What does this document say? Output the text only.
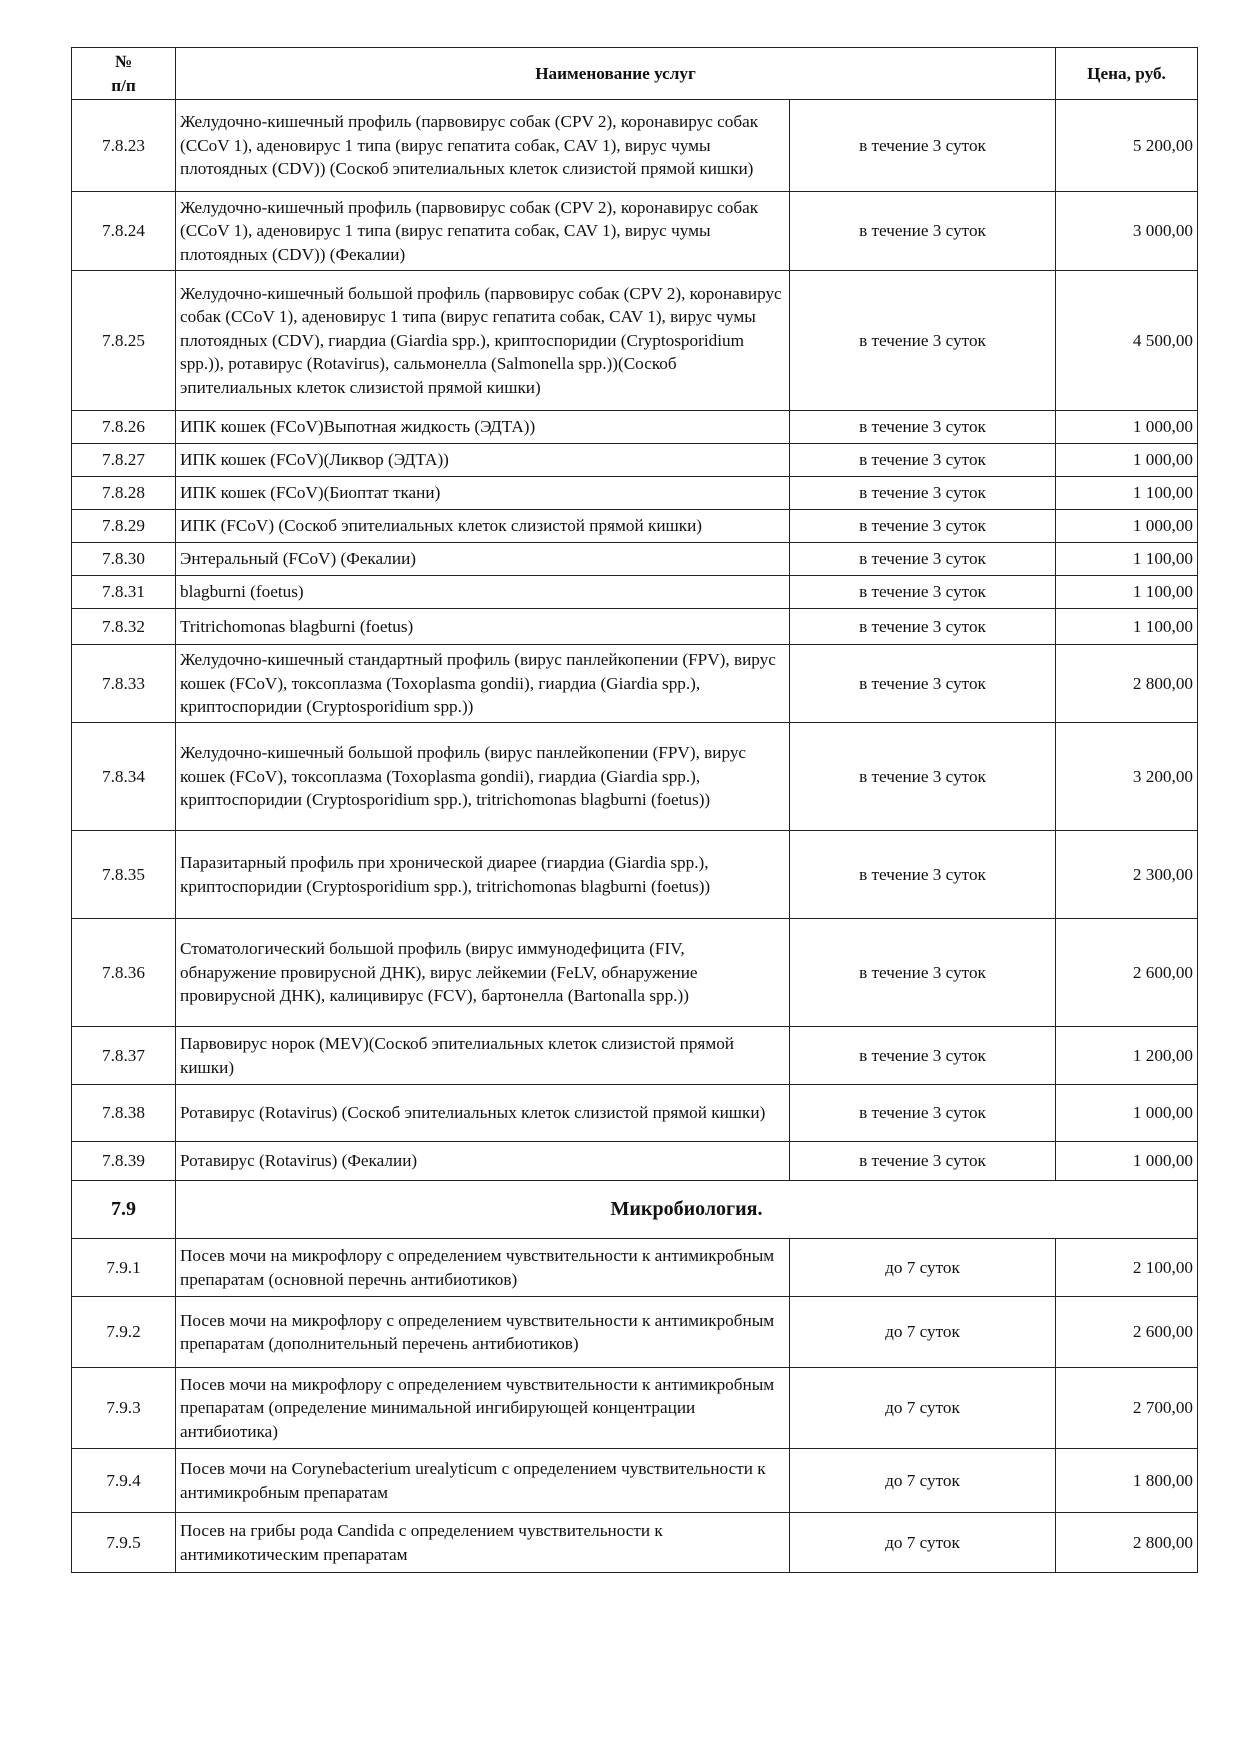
№
п/п	Наименование услуг		Цена, руб.
7.8.23	Желудочно-кишечный профиль (парвовирус собак (CPV 2), коронавирус собак (CCoV 1), аденовирус 1 типа (вирус гепатита собак, CAV 1), вирус чумы плотоядных (CDV)) (Соскоб эпителиальных клеток слизистой прямой кишки)	в течение 3 суток	5 200,00
7.8.24	Желудочно-кишечный профиль (парвовирус собак (CPV 2), коронавирус собак (CCoV 1), аденовирус 1 типа (вирус гепатита собак, CAV 1), вирус чумы плотоядных (CDV)) (Фекалии)	в течение 3 суток	3 000,00
7.8.25	Желудочно-кишечный большой профиль (парвовирус собак (CPV 2), коронавирус собак (CCoV 1), аденовирус 1 типа (вирус гепатита собак, CAV 1), вирус чумы плотоядных (CDV), гиардиа (Giardia spp.), криптоспоридии (Cryptosporidium spp.)), ротавирус (Rotavirus), сальмонелла (Salmonella spp.))(Соскоб эпителиальных клеток слизистой прямой кишки)	в течение 3 суток	4 500,00
7.8.26	ИПК кошек (FCoV)Выпотная жидкость (ЭДТА))	в течение 3 суток	1 000,00
7.8.27	ИПК кошек (FCoV)(Ликвор (ЭДТА))	в течение 3 суток	1 000,00
7.8.28	ИПК кошек (FCoV)(Биоптат ткани)	в течение 3 суток	1 100,00
7.8.29	ИПК (FCoV) (Соскоб эпителиальных клеток слизистой прямой кишки)	в течение 3 суток	1 000,00
7.8.30	Энтеральный (FCoV) (Фекалии)	в течение 3 суток	1 100,00
7.8.31	blagburni (foetus)	в течение 3 суток	1 100,00
7.8.32	Tritrichomonas blagburni (foetus)	в течение 3 суток	1 100,00
7.8.33	Желудочно-кишечный стандартный профиль (вирус панлейкопении (FPV), вирус кошек (FCoV), токсоплазма (Toxoplasma gondii), гиардиа (Giardia spp.), криптоспоридии (Cryptosporidium spp.))	в течение 3 суток	2 800,00
7.8.34	Желудочно-кишечный большой профиль (вирус панлейкопении (FPV), вирус кошек (FCoV), токсоплазма (Toxoplasma gondii), гиардиа (Giardia spp.), криптоспоридии (Cryptosporidium spp.), tritrichomonas blagburni (foetus))	в течение 3 суток	3 200,00
7.8.35	Паразитарный профиль при хронической диарее (гиардиа (Giardia spp.), криптоспоридии (Cryptosporidium spp.), tritrichomonas blagburni (foetus))	в течение 3 суток	2 300,00
7.8.36	Стоматологический большой профиль (вирус иммунодефицита (FIV, обнаружение провирусной ДНК), вирус лейкемии (FeLV, обнаружение провирусной ДНК), калицивирус (FCV), бартонелла (Bartonalla spp.))	в течение 3 суток	2 600,00
7.8.37	Парвовирус норок (MEV)(Соскоб эпителиальных клеток слизистой прямой кишки)	в течение 3 суток	1 200,00
7.8.38	Ротавирус (Rotavirus) (Соскоб эпителиальных клеток слизистой прямой кишки)	в течение 3 суток	1 000,00
7.8.39	Ротавирус (Rotavirus) (Фекалии)	в течение 3 суток	1 000,00
7.9	Микробиология.		
7.9.1	Посев мочи на микрофлору с определением чувствительности к антимикробным препаратам (основной перечнь антибиотиков)	до 7 суток	2 100,00
7.9.2	Посев мочи на микрофлору с определением чувствительности к антимикробным препаратам (дополнительный перечень антибиотиков)	до 7 суток	2 600,00
7.9.3	Посев мочи на микрофлору с определением чувствительности к антимикробным препаратам (определение минимальной ингибирующей концентрации антибиотика)	до 7 суток	2 700,00
7.9.4	Посев мочи на Corynebacterium urealyticum с определением чувствительности к антимикробным препаратам	до 7 суток	1 800,00
7.9.5	Посев на грибы рода Candida с определением чувствительности к антимикотическим препаратам	до 7 суток	2 800,00
